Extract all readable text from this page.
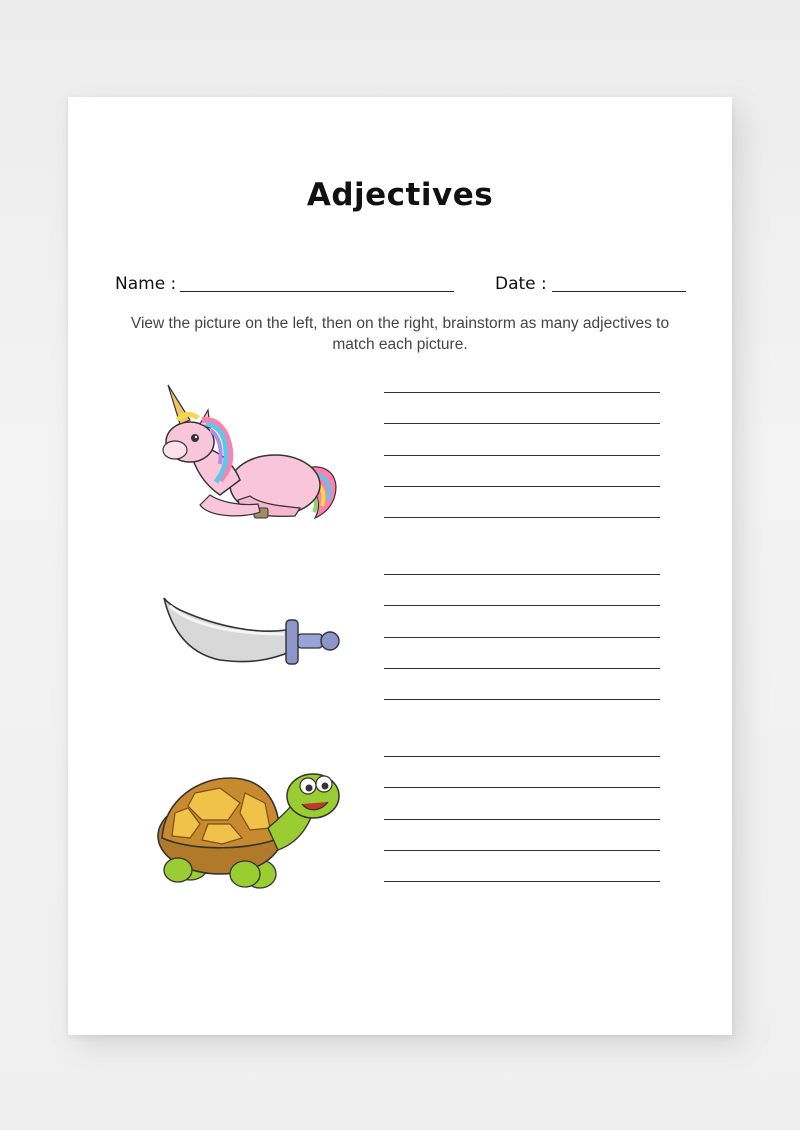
Adjectives
Name :	Date :
View the picture on the left, then on the right, brainstorm as many adjectives to match each picture.
